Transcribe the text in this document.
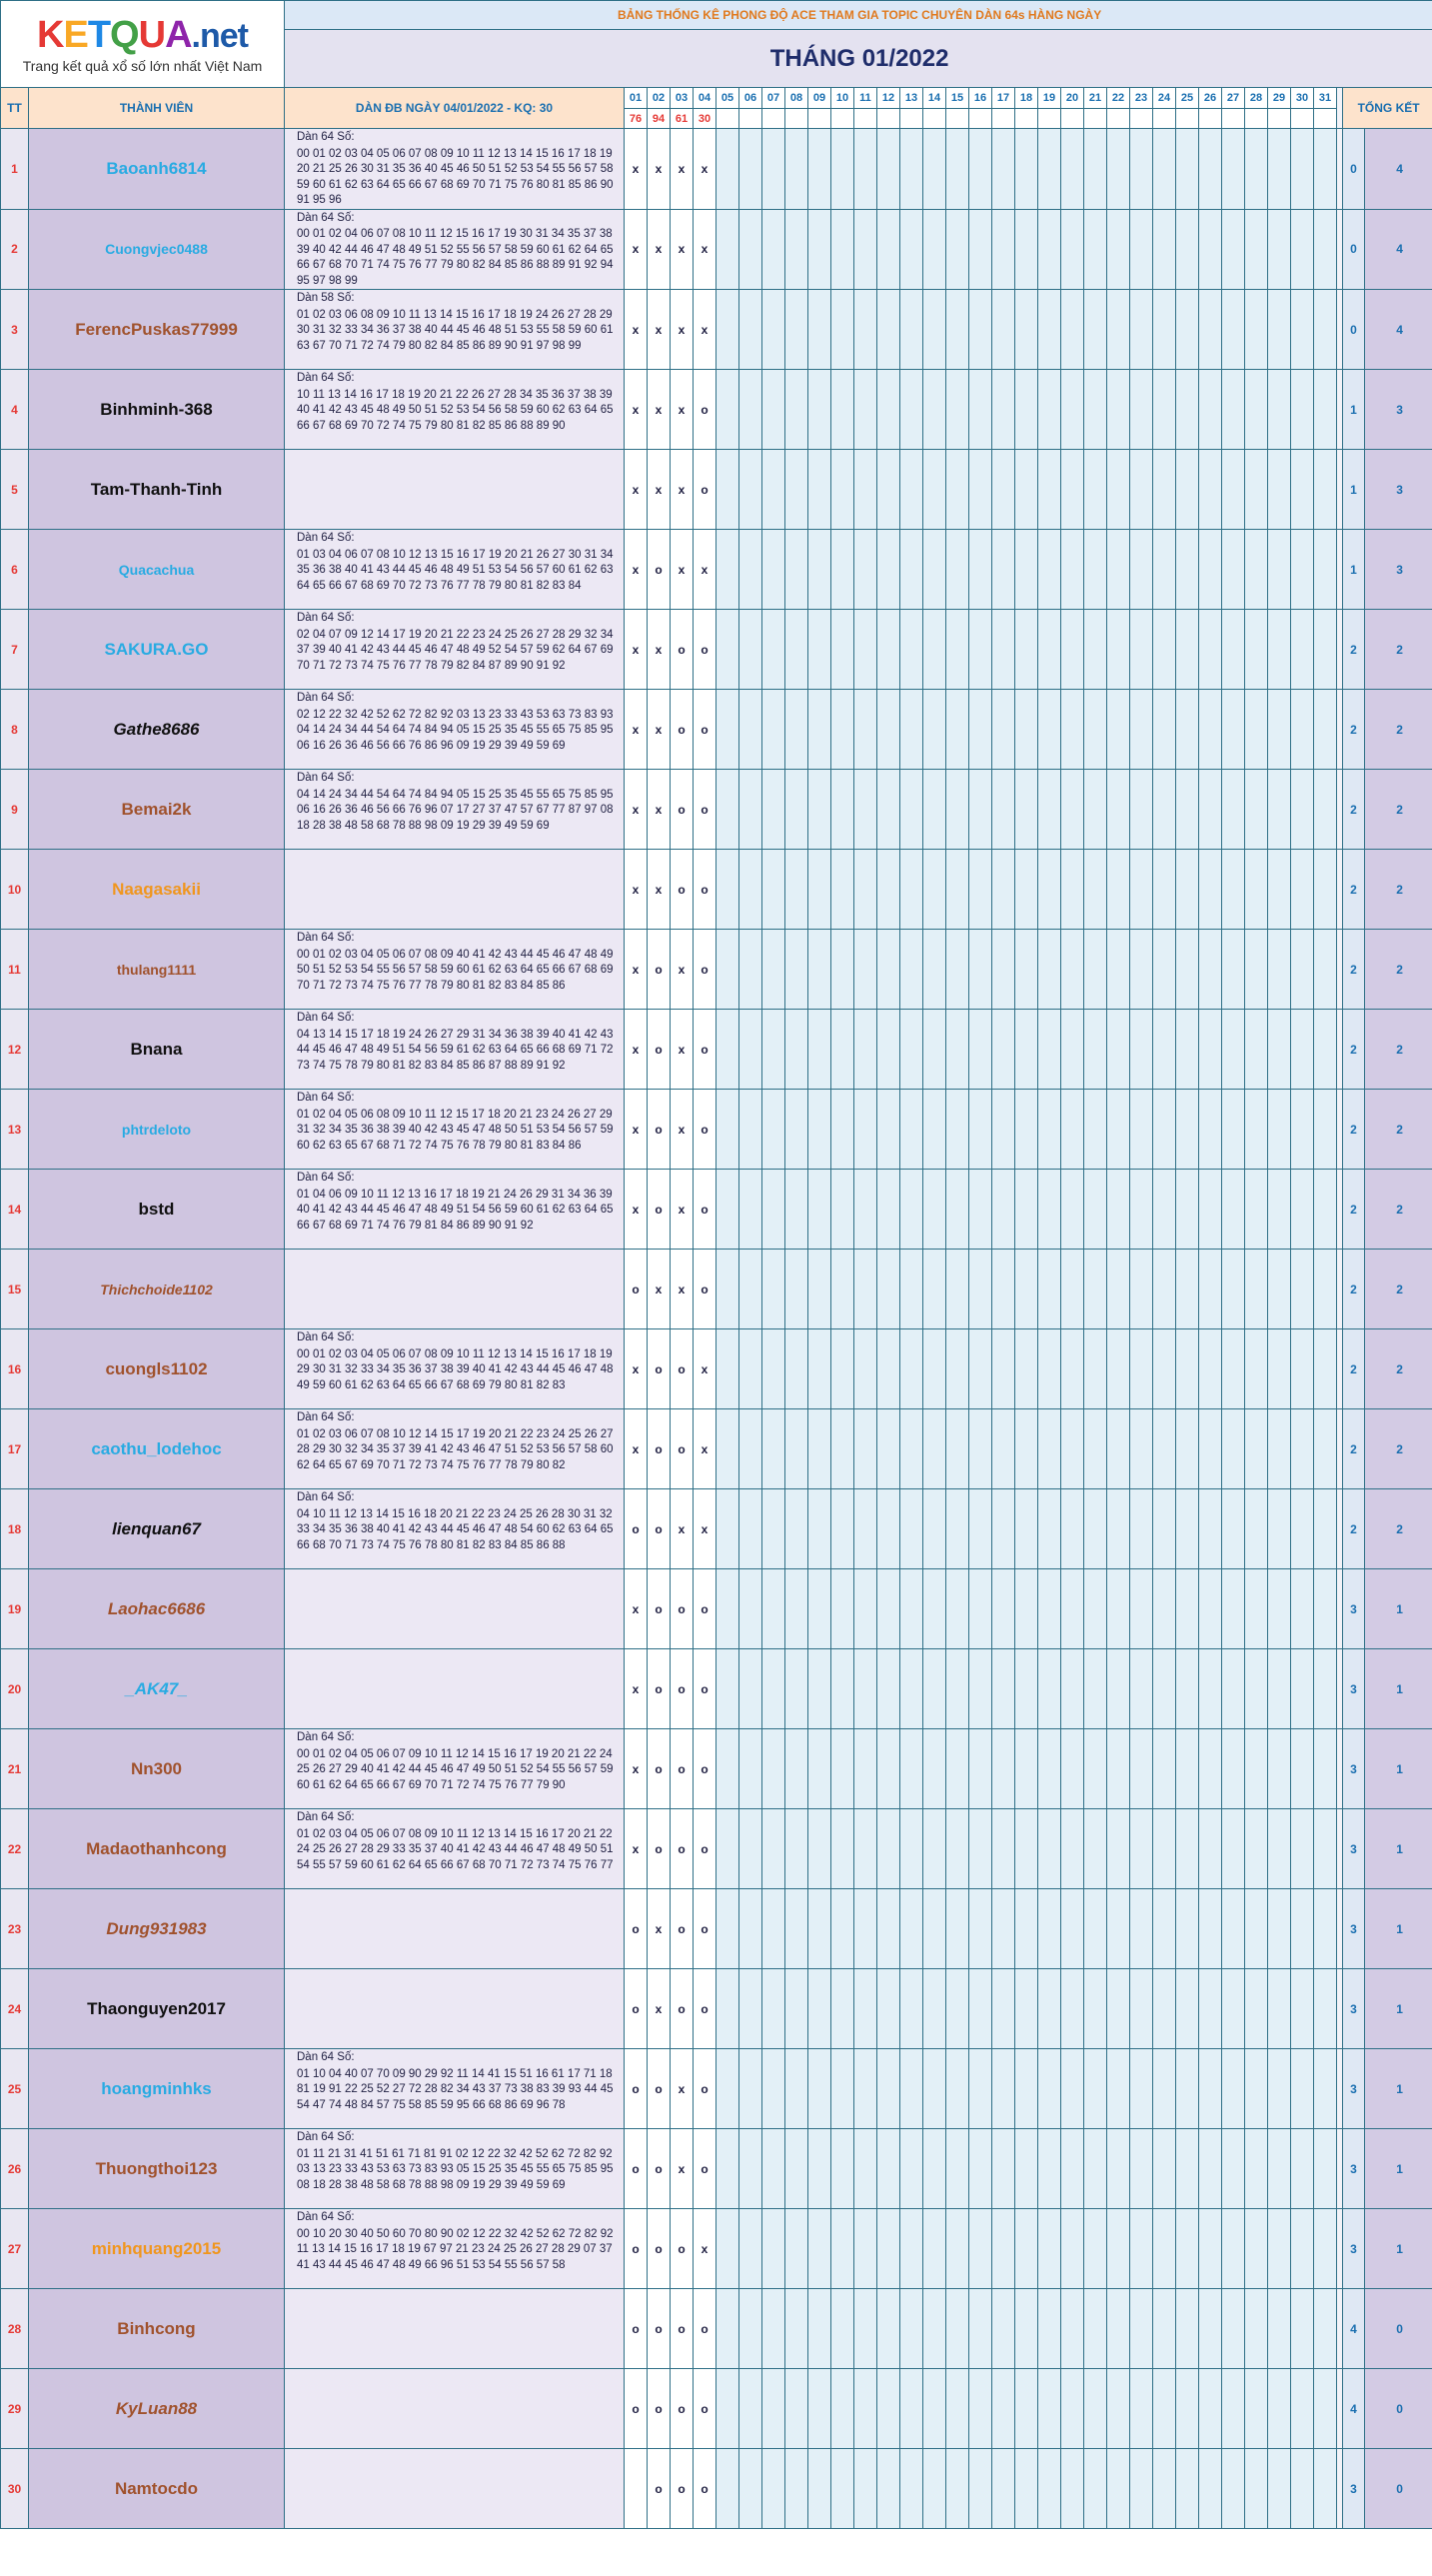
KETQUA.net
Trang kết quả xổ số lớn nhất Việt Nam		BẢNG THỐNG KÊ PHONG ĐỘ ACE THAM GIA TOPIC CHUYÊN DÀN 64s HÀNG NGÀY																																			
		THÁNG 01/2022																																			
TT	THÀNH VIÊN	DÀN ĐB NGÀY 04/01/2022 - KQ: 30	01	02	03	04	05	06	07	08	09	10	11	12	13	14	15	16	17	18	19	20	21	22	23	24	25	26	27	28	29	30	31		TỔNG KẾT		
			76	94	61	30																															
1	Baoanh6814	Dàn 64 Số:
00 01 02 03 04 05 06 07 08 09 10 11 12 13 14 15 16 17 18 19 20 21 25 26 30 31 35 36 40 45 46 50 51 52 53 54 55 56 57 58 59 60 61 62 63 64 65 66 67 68 69 70 71 75 76 80 81 85 86 90 91 95 96	x	x	x	x																													0	4	
2	Cuongvjec0488	Dàn 64 Số:
00 01 02 04 06 07 08 10 11 12 15 16 17 19 30 31 34 35 37 38 39 40 42 44 46 47 48 49 51 52 55 56 57 58 59 60 61 62 64 65 66 67 68 70 71 74 75 76 77 79 80 82 84 85 86 88 89 91 92 94 95 97 98 99	x	x	x	x																													0	4	
3	FerencPuskas77999	Dàn 58 Số:
01 02 03 06 08 09 10 11 13 14 15 16 17 18 19 24 26 27 28 29 30 31 32 33 34 36 37 38 40 44 45 46 48 51 53 55 58 59 60 61 63 67 70 71 72 74 79 80 82 84 85 86 89 90 91 97 98 99	x	x	x	x																													0	4	
4	Binhminh-368	Dàn 64 Số:
10 11 13 14 16 17 18 19 20 21 22 26 27 28 34 35 36 37 38 39 40 41 42 43 45 48 49 50 51 52 53 54 56 58 59 60 62 63 64 65 66 67 68 69 70 72 74 75 79 80 81 82 85 86 88 89 90	x	x	x	o																													1	3	
5	Tam-Thanh-Tinh		x	x	x	o																													1	3	
6	Quacachua	Dàn 64 Số:
01 03 04 06 07 08 10 12 13 15 16 17 19 20 21 26 27 30 31 34 35 36 38 40 41 43 44 45 46 48 49 51 53 54 56 57 60 61 62 63 64 65 66 67 68 69 70 72 73 76 77 78 79 80 81 82 83 84	x	o	x	x																													1	3	
7	SAKURA.GO	Dàn 64 Số:
02 04 07 09 12 14 17 19 20 21 22 23 24 25 26 27 28 29 32 34 37 39 40 41 42 43 44 45 46 47 48 49 52 54 57 59 62 64 67 69 70 71 72 73 74 75 76 77 78 79 82 84 87 89 90 91 92	x	x	o	o																													2	2	
8	Gathe8686	Dàn 64 Số:
02 12 22 32 42 52 62 72 82 92 03 13 23 33 43 53 63 73 83 93 04 14 24 34 44 54 64 74 84 94 05 15 25 35 45 55 65 75 85 95 06 16 26 36 46 56 66 76 86 96 09 19 29 39 49 59 69	x	x	o	o																													2	2	
9	Bemai2k	Dàn 64 Số:
04 14 24 34 44 54 64 74 84 94 05 15 25 35 45 55 65 75 85 95 06 16 26 36 46 56 66 76 96 07 17 27 37 47 57 67 77 87 97 08 18 28 38 48 58 68 78 88 98 09 19 29 39 49 59 69	x	x	o	o																													2	2	
10	Naagasakii		x	x	o	o																													2	2	
11	thulang1111	Dàn 64 Số:
00 01 02 03 04 05 06 07 08 09 40 41 42 43 44 45 46 47 48 49 50 51 52 53 54 55 56 57 58 59 60 61 62 63 64 65 66 67 68 69 70 71 72 73 74 75 76 77 78 79 80 81 82 83 84 85 86	x	o	x	o																													2	2	
12	Bnana	Dàn 64 Số:
04 13 14 15 17 18 19 24 26 27 29 31 34 36 38 39 40 41 42 43 44 45 46 47 48 49 51 54 56 59 61 62 63 64 65 66 68 69 71 72 73 74 75 78 79 80 81 82 83 84 85 86 87 88 89 91 92	x	o	x	o																													2	2	
13	phtrdeloto	Dàn 64 Số:
01 02 04 05 06 08 09 10 11 12 15 17 18 20 21 23 24 26 27 29 31 32 34 35 36 38 39 40 42 43 45 47 48 50 51 53 54 56 57 59 60 62 63 65 67 68 71 72 74 75 76 78 79 80 81 83 84 86	x	o	x	o																													2	2	
14	bstd	Dàn 64 Số:
01 04 06 09 10 11 12 13 16 17 18 19 21 24 26 29 31 34 36 39 40 41 42 43 44 45 46 47 48 49 51 54 56 59 60 61 62 63 64 65 66 67 68 69 71 74 76 79 81 84 86 89 90 91 92	x	o	x	o																													2	2	
15	Thichchoide1102		o	x	x	o																													2	2	
16	cuongls1102	Dàn 64 Số:
00 01 02 03 04 05 06 07 08 09 10 11 12 13 14 15 16 17 18 19 29 30 31 32 33 34 35 36 37 38 39 40 41 42 43 44 45 46 47 48 49 59 60 61 62 63 64 65 66 67 68 69 79 80 81 82 83	x	o	o	x																													2	2	
17	caothu_lodehoc	Dàn 64 Số:
01 02 03 06 07 08 10 12 14 15 17 19 20 21 22 23 24 25 26 27 28 29 30 32 34 35 37 39 41 42 43 46 47 51 52 53 56 57 58 60 62 64 65 67 69 70 71 72 73 74 75 76 77 78 79 80 82	x	o	o	x																													2	2	
18	lienquan67	Dàn 64 Số:
04 10 11 12 13 14 15 16 18 20 21 22 23 24 25 26 28 30 31 32 33 34 35 36 38 40 41 42 43 44 45 46 47 48 54 60 62 63 64 65 66 68 70 71 73 74 75 76 78 80 81 82 83 84 85 86 88	o	o	x	x																													2	2	
19	Laohac6686		x	o	o	o																													3	1	
20	_AK47_		x	o	o	o																													3	1	
21	Nn300	Dàn 64 Số:
00 01 02 04 05 06 07 09 10 11 12 14 15 16 17 19 20 21 22 24 25 26 27 29 40 41 42 44 45 46 47 49 50 51 52 54 55 56 57 59 60 61 62 64 65 66 67 69 70 71 72 74 75 76 77 79 90	x	o	o	o																													3	1	
22	Madaothanhcong	Dàn 64 Số:
01 02 03 04 05 06 07 08 09 10 11 12 13 14 15 16 17 20 21 22 24 25 26 27 28 29 33 35 37 40 41 42 43 44 46 47 48 49 50 51 54 55 57 59 60 61 62 64 65 66 67 68 70 71 72 73 74 75 76 77	x	o	o	o																													3	1	
23	Dung931983		o	x	o	o																													3	1	
24	Thaonguyen2017		o	x	o	o																													3	1	
25	hoangminhks	Dàn 64 Số:
01 10 04 40 07 70 09 90 29 92 11 14 41 15 51 16 61 17 71 18 81 19 91 22 25 52 27 72 28 82 34 43 37 73 38 83 39 93 44 45 54 47 74 48 84 57 75 58 85 59 95 66 68 86 69 96 78	o	o	x	o																													3	1	
26	Thuongthoi123	Dàn 64 Số:
01 11 21 31 41 51 61 71 81 91 02 12 22 32 42 52 62 72 82 92 03 13 23 33 43 53 63 73 83 93 05 15 25 35 45 55 65 75 85 95 08 18 28 38 48 58 68 78 88 98 09 19 29 39 49 59 69	o	o	x	o																													3	1	
27	minhquang2015	Dàn 64 Số:
00 10 20 30 40 50 60 70 80 90 02 12 22 32 42 52 62 72 82 92 11 13 14 15 16 17 18 19 67 97 21 23 24 25 26 27 28 29 07 37 41 43 44 45 46 47 48 49 66 96 51 53 54 55 56 57 58	o	o	o	x																													3	1	
28	Binhcong		o	o	o	o																													4	0	
29	KyLuan88		o	o	o	o																													4	0	
30	Namtocdo			o	o	o																													3	0	
